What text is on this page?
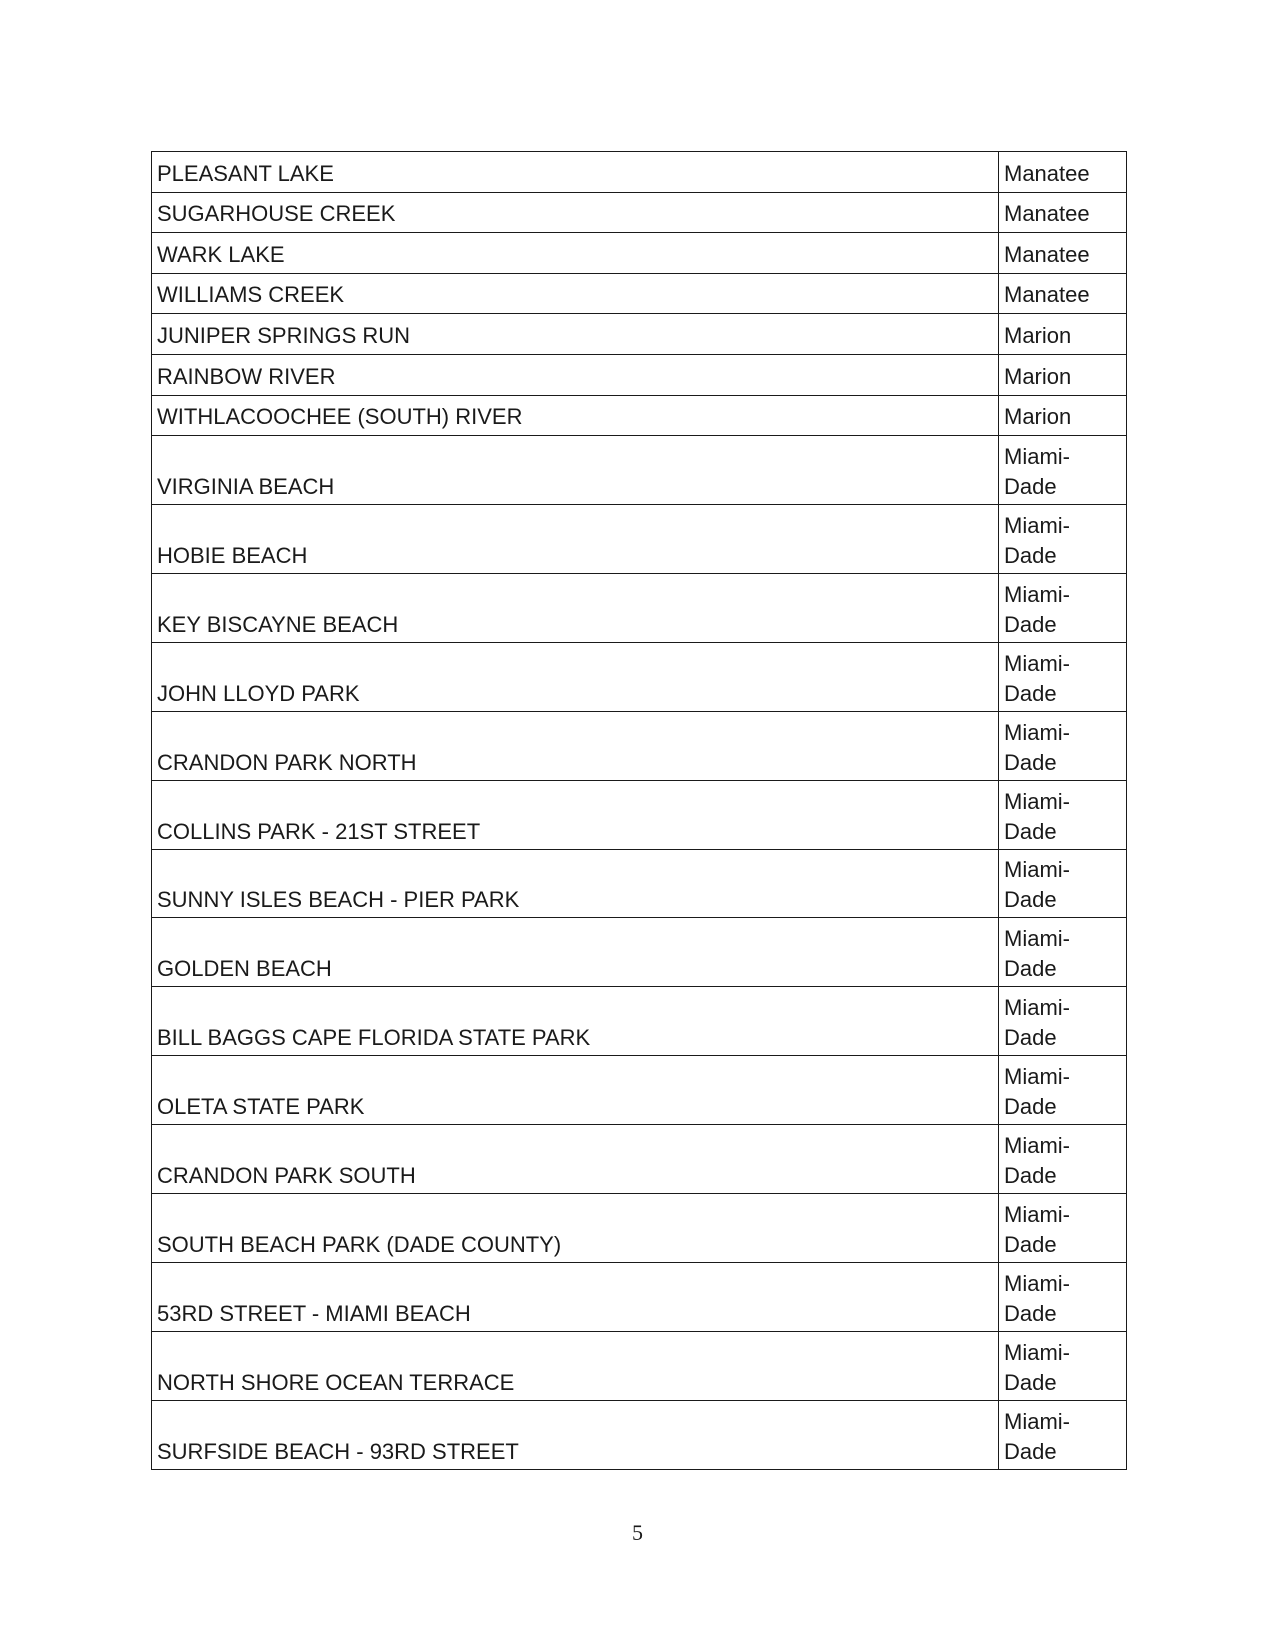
PLEASANT LAKE	Manatee

SUGARHOUSE CREEK	Manatee

WARK LAKE	Manatee

WILLIAMS CREEK	Manatee

JUNIPER SPRINGS RUN	Marion

RAINBOW RIVER	Marion

WITHLACOOCHEE (SOUTH) RIVER	Marion

VIRGINIA BEACH	Miami-
Dade

HOBIE BEACH	Miami-
Dade

KEY BISCAYNE BEACH	Miami-
Dade

JOHN LLOYD PARK	Miami-
Dade

CRANDON PARK NORTH	Miami-
Dade

COLLINS PARK - 21ST STREET	Miami-
Dade

SUNNY ISLES BEACH - PIER PARK	Miami-
Dade

GOLDEN BEACH	Miami-
Dade

BILL BAGGS CAPE FLORIDA STATE PARK	Miami-
Dade

OLETA STATE PARK	Miami-
Dade

CRANDON PARK SOUTH	Miami-
Dade

SOUTH BEACH PARK (DADE COUNTY)	Miami-
Dade

53RD STREET - MIAMI BEACH	Miami-
Dade

NORTH SHORE OCEAN TERRACE	Miami-
Dade

SURFSIDE BEACH - 93RD STREET	Miami-
Dade
5
